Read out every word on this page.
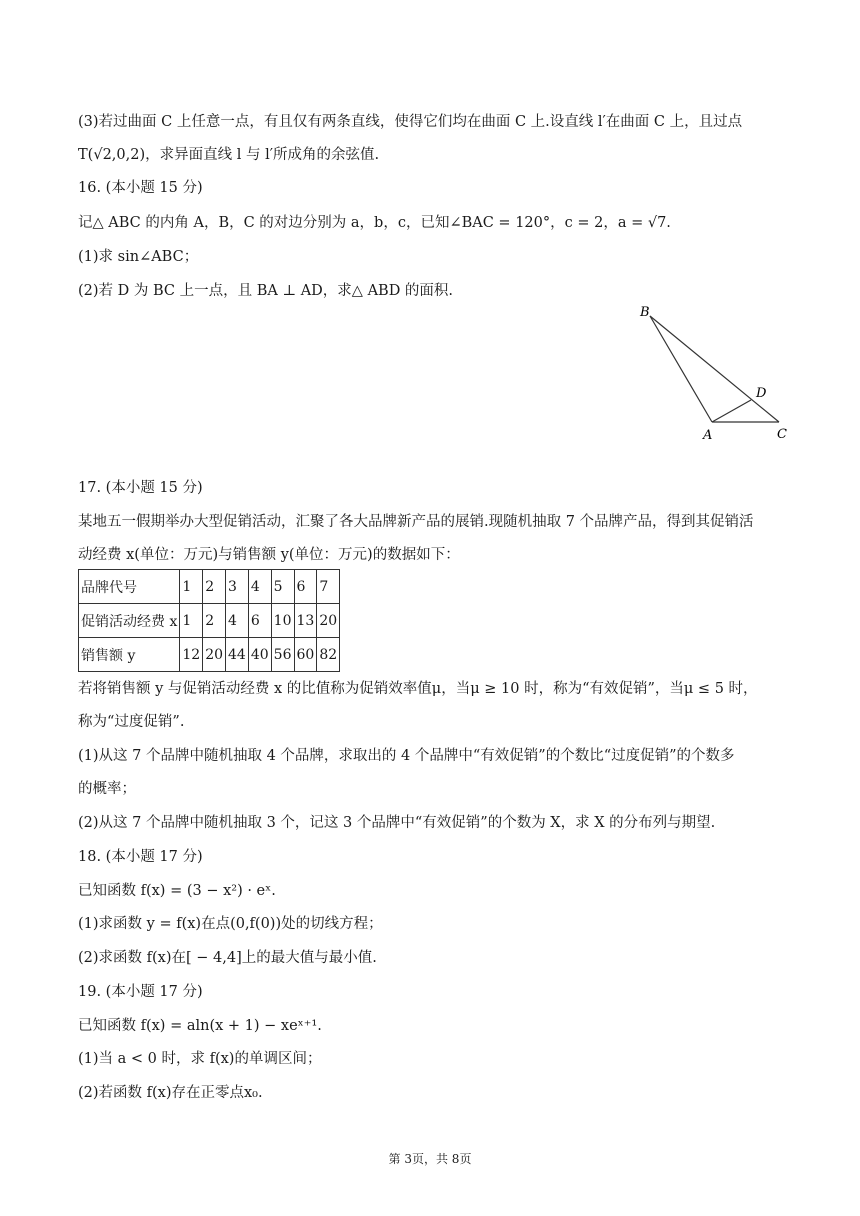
(3)若过曲面 C 上任意一点，有且仅有两条直线，使得它们均在曲面 C 上.设直线 l′在曲面 C 上，且过点
T(√2,0,2)，求异面直线 l 与 l′所成角的余弦值.
16. (本小题 15 分)
记△ ABC 的内角 A，B，C 的对边分别为 a，b，c，已知∠BAC = 120°，c = 2，a = √7.
(1)求 sin∠ABC；
(2)若 D 为 BC 上一点，且 BA ⊥ AD，求△ ABD 的面积.
B
D
A	C
17. (本小题 15 分)
某地五一假期举办大型促销活动，汇聚了各大品牌新产品的展销.现随机抽取 7 个品牌产品，得到其促销活
动经费 x(单位：万元)与销售额 y(单位：万元)的数据如下：
品牌代号	1	2	3	4	5	6	7
促销活动经费 x	1	2	4	6	10	13	20
销售额 y	12	20	44	40	56	60	82
若将销售额 y 与促销活动经费 x 的比值称为促销效率值μ，当μ ≥ 10 时，称为“有效促销”，当μ ≤ 5 时，
称为“过度促销”.
(1)从这 7 个品牌中随机抽取 4 个品牌，求取出的 4 个品牌中“有效促销”的个数比“过度促销”的个数多
的概率；
(2)从这 7 个品牌中随机抽取 3 个，记这 3 个品牌中“有效促销”的个数为 X，求 X 的分布列与期望.
18. (本小题 17 分)
已知函数 f(x) = (3 − x²) · eˣ.
(1)求函数 y = f(x)在点(0,f(0))处的切线方程；
(2)求函数 f(x)在[ − 4,4]上的最大值与最小值.
19. (本小题 17 分)
已知函数 f(x) = aln(x + 1) − xeˣ⁺¹.
(1)当 a < 0 时，求 f(x)的单调区间；
(2)若函数 f(x)存在正零点x₀.
第 3页，共 8页
